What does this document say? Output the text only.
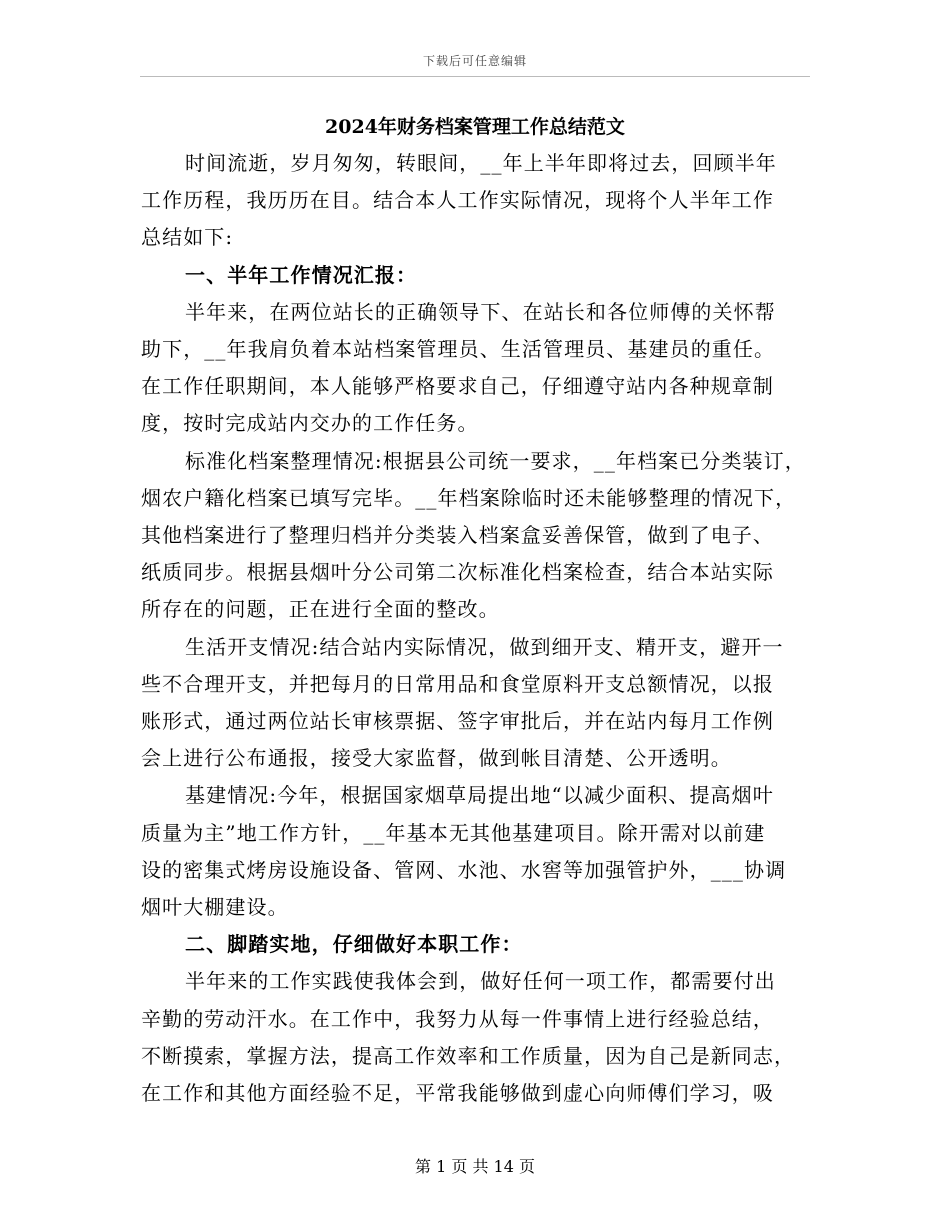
下载后可任意编辑
2024年财务档案管理工作总结范文
时间流逝，岁月匆匆，转眼间，__年上半年即将过去，回顾半年
工作历程，我历历在目。结合本人工作实际情况，现将个人半年工作
总结如下:
一、半年工作情况汇报：
半年来，在两位站长的正确领导下、在站长和各位师傅的关怀帮
助下，__年我肩负着本站档案管理员、生活管理员、基建员的重任。
在工作任职期间，本人能够严格要求自己，仔细遵守站内各种规章制
度，按时完成站内交办的工作任务。
标准化档案整理情况:根据县公司统一要求，__年档案已分类装订，
烟农户籍化档案已填写完毕。__年档案除临时还未能够整理的情况下，
其他档案进行了整理归档并分类装入档案盒妥善保管，做到了电子、
纸质同步。根据县烟叶分公司第二次标准化档案检查，结合本站实际
所存在的问题，正在进行全面的整改。
生活开支情况:结合站内实际情况，做到细开支、精开支，避开一
些不合理开支，并把每月的日常用品和食堂原料开支总额情况，以报
账形式，通过两位站长审核票据、签字审批后，并在站内每月工作例
会上进行公布通报，接受大家监督，做到帐目清楚、公开透明。
基建情况:今年，根据国家烟草局提出地“以减少面积、提高烟叶
质量为主”地工作方针，__年基本无其他基建项目。除开需对以前建
设的密集式烤房设施设备、管网、水池、水窖等加强管护外，___协调
烟叶大棚建设。
二、脚踏实地，仔细做好本职工作：
半年来的工作实践使我体会到，做好任何一项工作，都需要付出
辛勤的劳动汗水。在工作中，我努力从每一件事情上进行经验总结，
不断摸索，掌握方法，提高工作效率和工作质量，因为自己是新同志，
在工作和其他方面经验不足，平常我能够做到虚心向师傅们学习，吸
第 1 页 共 14 页
